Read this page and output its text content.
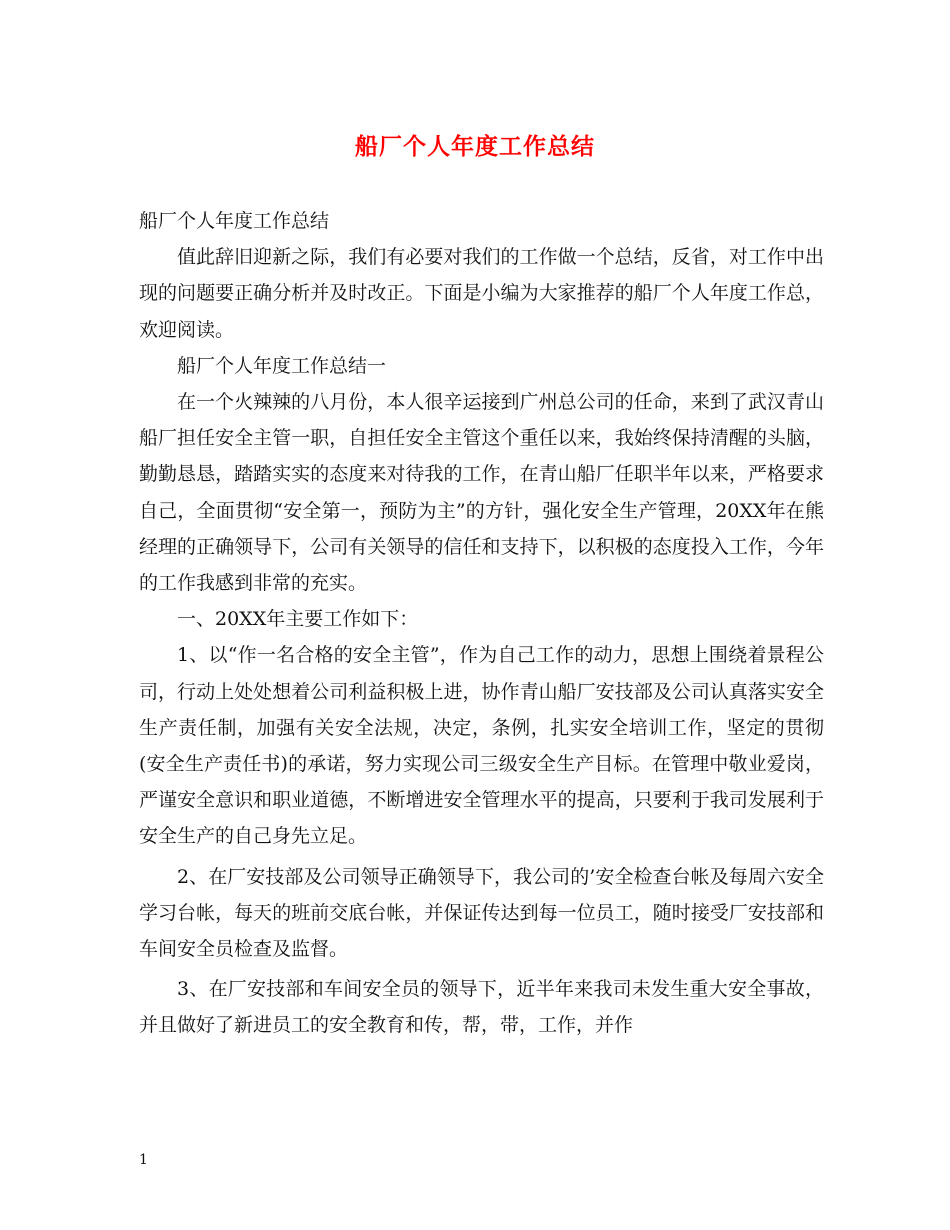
船厂个人年度工作总结

船厂个人年度工作总结

值此辞旧迎新之际，我们有必要对我们的工作做一个总结，反省，对工作中出现的问题要正确分析并及时改正。下面是小编为大家推荐的船厂个人年度工作总，欢迎阅读。

船厂个人年度工作总结一

在一个火辣辣的八月份，本人很辛运接到广州总公司的任命，来到了武汉青山船厂担任安全主管一职，自担任安全主管这个重任以来，我始终保持清醒的头脑，勤勤恳恳，踏踏实实的态度来对待我的工作，在青山船厂任职半年以来，严格要求自己，全面贯彻“安全第一，预防为主”的方针，强化安全生产管理，20XX年在熊经理的正确领导下，公司有关领导的信任和支持下，以积极的态度投入工作，今年的工作我感到非常的充实。

一、20XX年主要工作如下：

1、以“作一名合格的安全主管”，作为自己工作的动力，思想上围绕着景程公司，行动上处处想着公司利益积极上进，协作青山船厂安技部及公司认真落实安全生产责任制，加强有关安全法规，决定，条例，扎实安全培训工作，坚定的贯彻(安全生产责任书)的承诺，努力实现公司三级安全生产目标。在管理中敬业爱岗，严谨安全意识和职业道德，不断增进安全管理水平的提高，只要利于我司发展利于安全生产的自己身先立足。

2、在厂安技部及公司领导正确领导下，我公司的’安全检查台帐及每周六安全学习台帐，每天的班前交底台帐，并保证传达到每一位员工，随时接受厂安技部和车间安全员检查及监督。

3、在厂安技部和车间安全员的领导下，近半年来我司未发生重大安全事故，并且做好了新进员工的安全教育和传，帮，带，工作，并作

1
